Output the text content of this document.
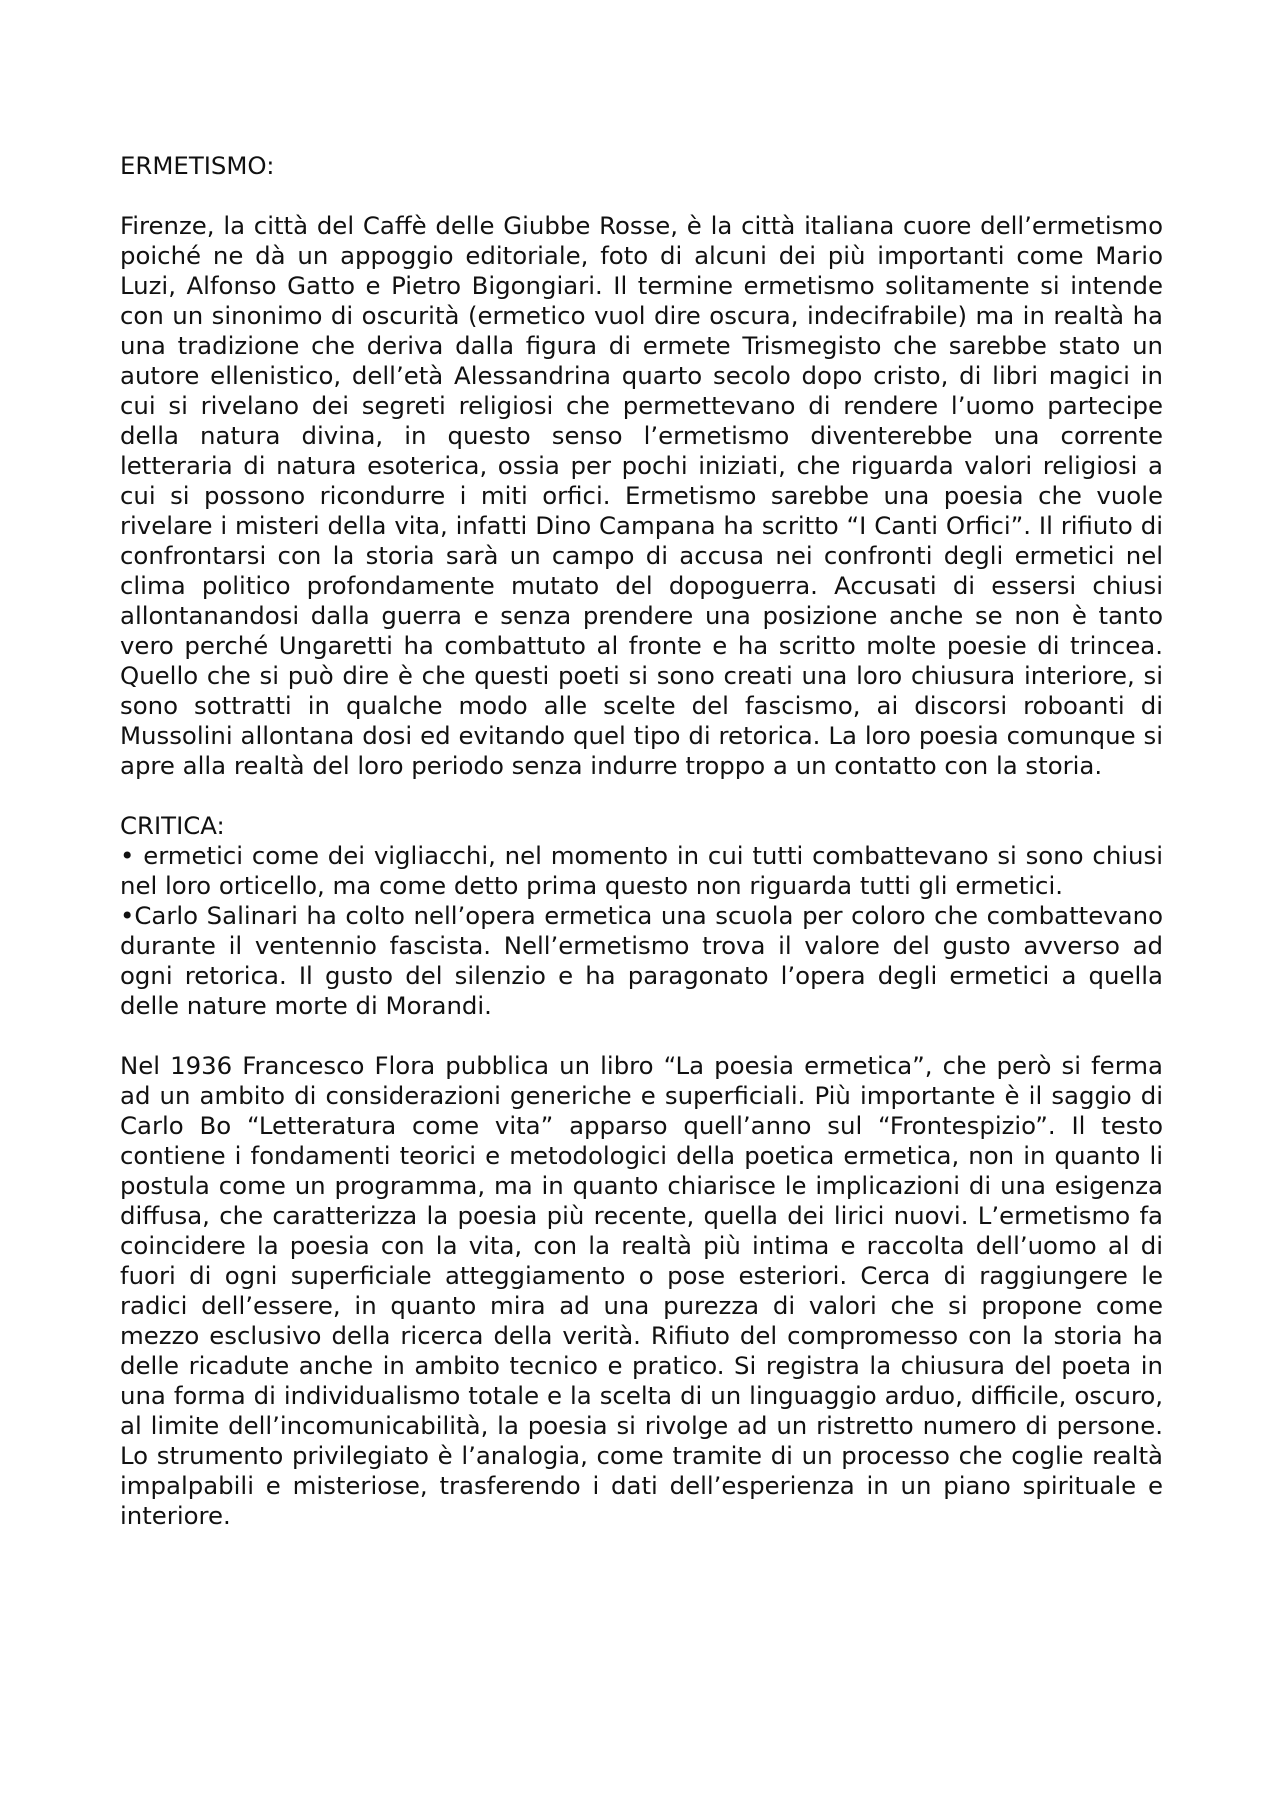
ERMETISMO:

Firenze, la città del Caffè delle Giubbe Rosse, è la città italiana cuore dell’ermetismo poiché ne dà un appoggio editoriale, foto di alcuni dei più importanti come Mario Luzi, Alfonso Gatto e Pietro Bigongiari. Il termine ermetismo solitamente si intende con un sinonimo di oscurità (ermetico vuol dire oscura, indecifrabile) ma in realtà ha una tradizione che deriva dalla figura di ermete Trismegisto che sarebbe stato un autore ellenistico, dell’età Alessandrina quarto secolo dopo cristo, di libri magici in cui si rivelano dei segreti religiosi che permettevano di rendere l’uomo partecipe della natura divina, in questo senso l’ermetismo diventerebbe una corrente letteraria di natura esoterica, ossia per pochi iniziati, che riguarda valori religiosi a cui si possono ricondurre i miti orfici. Ermetismo sarebbe una poesia che vuole rivelare i misteri della vita, infatti Dino Campana ha scritto “I Canti Orfici”. Il rifiuto di confrontarsi con la storia sarà un campo di accusa nei confronti degli ermetici nel clima politico profondamente mutato del dopoguerra. Accusati di essersi chiusi allontanandosi dalla guerra e senza prendere una posizione anche se non è tanto vero perché Ungaretti ha combattuto al fronte e ha scritto molte poesie di trincea. Quello che si può dire è che questi poeti si sono creati una loro chiusura interiore, si sono sottratti in qualche modo alle scelte del fascismo, ai discorsi roboanti di Mussolini allontana dosi ed evitando quel tipo di retorica. La loro poesia comunque si apre alla realtà del loro periodo senza indurre troppo a un contatto con la storia.

CRITICA:

• ermetici come dei vigliacchi, nel momento in cui tutti combattevano si sono chiusi nel loro orticello, ma come detto prima questo non riguarda tutti gli ermetici.

•Carlo Salinari ha colto nell’opera ermetica una scuola per coloro che combattevano durante il ventennio fascista. Nell’ermetismo trova il valore del gusto avverso ad ogni retorica. Il gusto del silenzio e ha paragonato l’opera degli ermetici a quella delle nature morte di Morandi.

Nel 1936 Francesco Flora pubblica un libro “La poesia ermetica”, che però si ferma ad un ambito di considerazioni generiche e superficiali. Più importante è il saggio di Carlo Bo “Letteratura come vita” apparso quell’anno sul “Frontespizio”. Il testo contiene i fondamenti teorici e metodologici della poetica ermetica, non in quanto li postula come un programma, ma in quanto chiarisce le implicazioni di una esigenza diffusa, che caratterizza la poesia più recente, quella dei lirici nuovi. L’ermetismo fa coincidere la poesia con la vita, con la realtà più intima e raccolta dell’uomo al di fuori di ogni superficiale atteggiamento o pose esteriori. Cerca di raggiungere le radici dell’essere, in quanto mira ad una purezza di valori che si propone come mezzo esclusivo della ricerca della verità. Rifiuto del compromesso con la storia ha delle ricadute anche in ambito tecnico e pratico. Si registra la chiusura del poeta in una forma di individualismo totale e la scelta di un linguaggio arduo, difficile, oscuro, al limite dell’incomunicabilità, la poesia si rivolge ad un ristretto numero di persone. Lo strumento privilegiato è l’analogia, come tramite di un processo che coglie realtà impalpabili e misteriose, trasferendo i dati dell’esperienza in un piano spirituale e interiore.
